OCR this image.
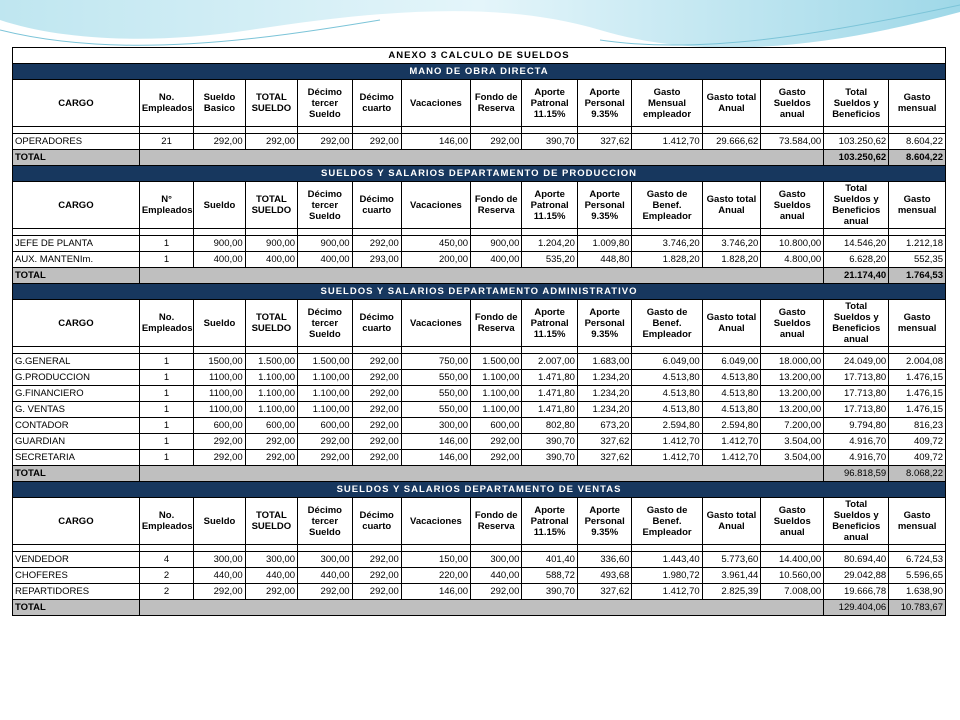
ANEXO 3 CALCULO DE SUELDOS														
MANO DE OBRA DIRECTA														
CARGO	No. Empleados	Sueldo Basico	TOTAL SUELDO	Décimo tercer Sueldo	Décimo cuarto	Vacaciones	Fondo de Reserva	Aporte Patronal 11.15%	Aporte Personal 9.35%	Gasto Mensual empleador	Gasto total Anual	Gasto Sueldos anual	Total Sueldos y Beneficios	Gasto mensual

OPERADORES	21	292,00	292,00	292,00	292,00	146,00	292,00	390,70	327,62	1.412,70	29.666,62	73.584,00	103.250,62	8.604,22
TOTAL													103.250,62	8.604,22
SUELDOS Y SALARIOS DEPARTAMENTO DE PRODUCCION														
CARGO	N° Empleados	Sueldo	TOTAL SUELDO	Décimo tercer Sueldo	Décimo cuarto	Vacaciones	Fondo de Reserva	Aporte Patronal 11.15%	Aporte Personal 9.35%	Gasto de Benef. Empleador	Gasto total Anual	Gasto Sueldos anual	Total Sueldos y Beneficios anual	Gasto mensual

JEFE DE PLANTA	1	900,00	900,00	900,00	292,00	450,00	900,00	1.204,20	1.009,80	3.746,20	3.746,20	10.800,00	14.546,20	1.212,18
AUX. MANTENIm.	1	400,00	400,00	400,00	293,00	200,00	400,00	535,20	448,80	1.828,20	1.828,20	4.800,00	6.628,20	552,35
TOTAL													21.174,40	1.764,53
SUELDOS Y SALARIOS DEPARTAMENTO ADMINISTRATIVO														
CARGO	No. Empleados	Sueldo	TOTAL SUELDO	Décimo tercer Sueldo	Décimo cuarto	Vacaciones	Fondo de Reserva	Aporte Patronal 11.15%	Aporte Personal 9.35%	Gasto de Benef. Empleador	Gasto total Anual	Gasto Sueldos anual	Total Sueldos y Beneficios anual	Gasto mensual

G.GENERAL	1	1500,00	1.500,00	1.500,00	292,00	750,00	1.500,00	2.007,00	1.683,00	6.049,00	6.049,00	18.000,00	24.049,00	2.004,08
G.PRODUCCION	1	1100,00	1.100,00	1.100,00	292,00	550,00	1.100,00	1.471,80	1.234,20	4.513,80	4.513,80	13.200,00	17.713,80	1.476,15
G.FINANCIERO	1	1100,00	1.100,00	1.100,00	292,00	550,00	1.100,00	1.471,80	1.234,20	4.513,80	4.513,80	13.200,00	17.713,80	1.476,15
G. VENTAS	1	1100,00	1.100,00	1.100,00	292,00	550,00	1.100,00	1.471,80	1.234,20	4.513,80	4.513,80	13.200,00	17.713,80	1.476,15
CONTADOR	1	600,00	600,00	600,00	292,00	300,00	600,00	802,80	673,20	2.594,80	2.594,80	7.200,00	9.794,80	816,23
GUARDIAN	1	292,00	292,00	292,00	292,00	146,00	292,00	390,70	327,62	1.412,70	1.412,70	3.504,00	4.916,70	409,72
SECRETARIA	1	292,00	292,00	292,00	292,00	146,00	292,00	390,70	327,62	1.412,70	1.412,70	3.504,00	4.916,70	409,72
TOTAL													96.818,59	8.068,22
SUELDOS Y SALARIOS DEPARTAMENTO DE VENTAS														
CARGO	No. Empleados	Sueldo	TOTAL SUELDO	Décimo tercer Sueldo	Décimo cuarto	Vacaciones	Fondo de Reserva	Aporte Patronal 11.15%	Aporte Personal 9.35%	Gasto de Benef. Empleador	Gasto total Anual	Gasto Sueldos anual	Total Sueldos y Beneficios anual	Gasto mensual

VENDEDOR	4	300,00	300,00	300,00	292,00	150,00	300,00	401,40	336,60	1.443,40	5.773,60	14.400,00	80.694,40	6.724,53
CHOFERES	2	440,00	440,00	440,00	292,00	220,00	440,00	588,72	493,68	1.980,72	3.961,44	10.560,00	29.042,88	5.596,65
REPARTIDORES	2	292,00	292,00	292,00	292,00	146,00	292,00	390,70	327,62	1.412,70	2.825,39	7.008,00	19.666,78	1.638,90
TOTAL													129.404,06	10.783,67
